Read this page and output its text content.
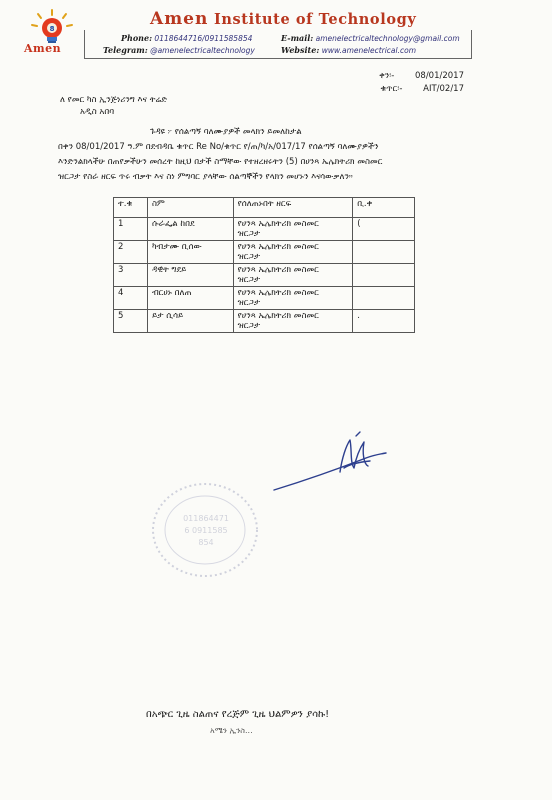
8
Amen
Amen Institute of Technology
Phone: 0118644716/0911585854
Telegram: @amenelectricaltechnology
E-mail: amenelectricaltechnology@gmail.com
Website: www.amenelectrical.com
ቀን፡- 08/01/2017
ቁጥር፡- AIT/02/17
ለ የመር ካስ ኢንጅነሪንግ እና ትሬድ
አዲስ አበባ
ጉዳዩ ፦ የሰልጣኝ ባለሙያዎች መላክን ይመለከታል
በቀን 08/01/2017 ዓ.ም በደብዳቤ ቁጥር Re No/ቁጥር የ/ጠ/ካ/አ/017/17 የሰልጣኝ ባለሙያዎችን
እንድንልክላችሁ በጠየቃችሁን መሰረት ከዚህ በታች ስማቸው የተዘረዘሩትን (5) በሀንጻ ኤሌክትሪክ መስመር
ዝርጋታ የስራ ዘርፍ ጥሩ ብቃት እና ስነ ምግባር ያላቸው ሰልጣኞችን የላክን መሆኑን እናሳውቃለን።
ተ.ቁ	ስም	የሰለጠኑበት ዘርፍ	ቢ.ቀ
1	ሱራፌል ከበደ	የሀንጻ ኤሌክትሪክ መስመር
ዝርጋታ	(
2	ካብታሙ ቢሰው	የሀንጻ ኤሌክትሪክ መስመር
ዝርጋታ	
3	ዳዊት ግደይ	የሀንጻ ኤሌክትሪክ መስመር
ዝርጋታ	
4	ብርሀኑ በለጠ	የሀንጻ ኤሌክትሪክ መስመር
ዝርጋታ	
5	ይታ ሲሳይ	የሀንጻ ኤሌክትሪክ መስመር
ዝርጋታ	.
0118644716 0911585854
በአጭር ጊዜ ስልጠና የረጅም ጊዜ ህልምዎን ያሳኩ!
አሜን ኢንስ...
